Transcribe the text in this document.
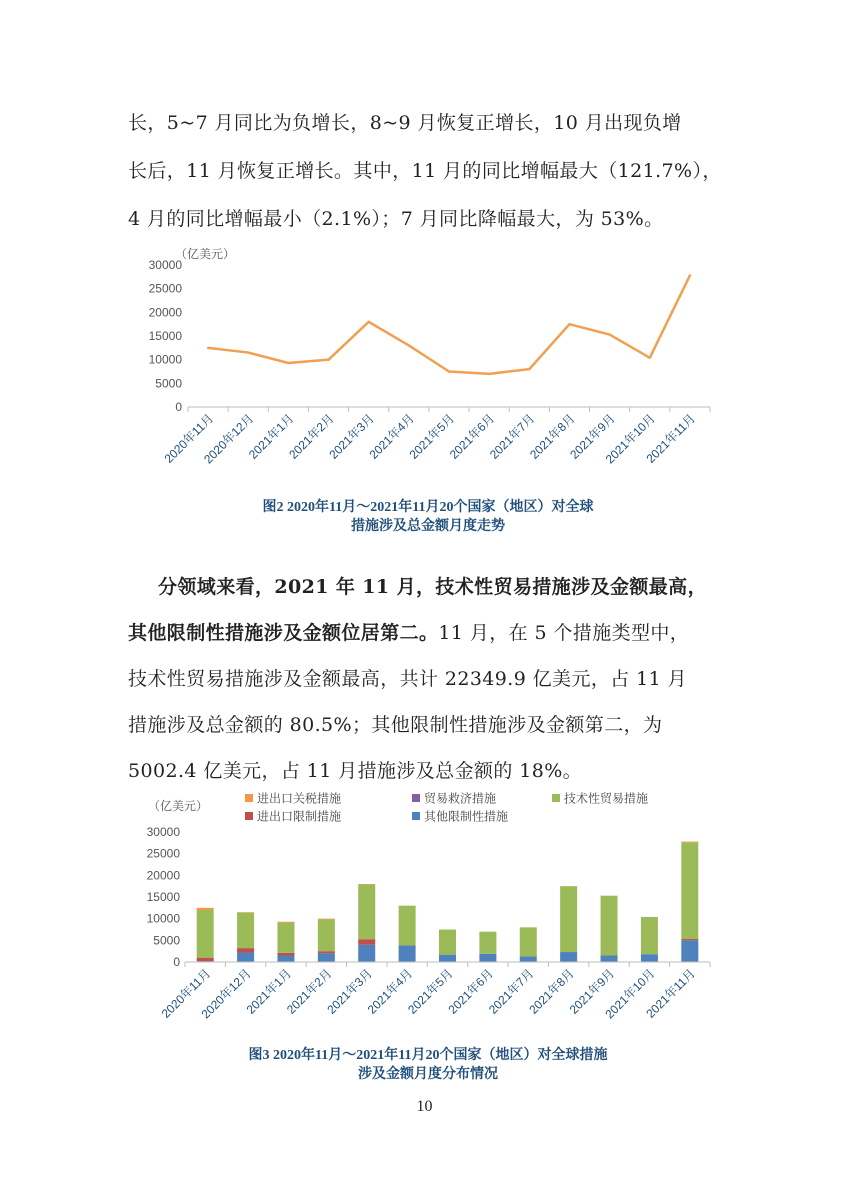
长，5~7 月同比为负增长，8~9 月恢复正增长，10 月出现负增
长后，11 月恢复正增长。其中，11 月的同比增幅最大（121.7%），
4 月的同比增幅最小（2.1%）；7 月同比降幅最大，为 53%。
（亿美元）
0
5000
10000
15000
20000
25000
30000
2020年11月
2020年12月
2021年1月
2021年2月
2021年3月
2021年4月
2021年5月
2021年6月
2021年7月
2021年8月
2021年9月
2021年10月
2021年11月
图2 2020年11月～2021年11月20个国家（地区）对全球
措施涉及总金额月度走势
分领域来看，2021 年 11 月，技术性贸易措施涉及金额最高，
其他限制性措施涉及金额位居第二。11 月，在 5 个措施类型中，
技术性贸易措施涉及金额最高，共计 22349.9 亿美元，占 11 月
措施涉及总金额的 80.5%；其他限制性措施涉及金额第二，为
5002.4 亿美元，占 11 月措施涉及总金额的 18%。
（亿美元）
进出口关税措施	贸易救济措施	技术性贸易措施
进出口限制措施	其他限制性措施
0
5000
10000
15000
20000
25000
30000
2020年11月
2020年12月
2021年1月
2021年2月
2021年3月
2021年4月
2021年5月
2021年6月
2021年7月
2021年8月
2021年9月
2021年10月
2021年11月
图3 2020年11月～2021年11月20个国家（地区）对全球措施
涉及金额月度分布情况
10
